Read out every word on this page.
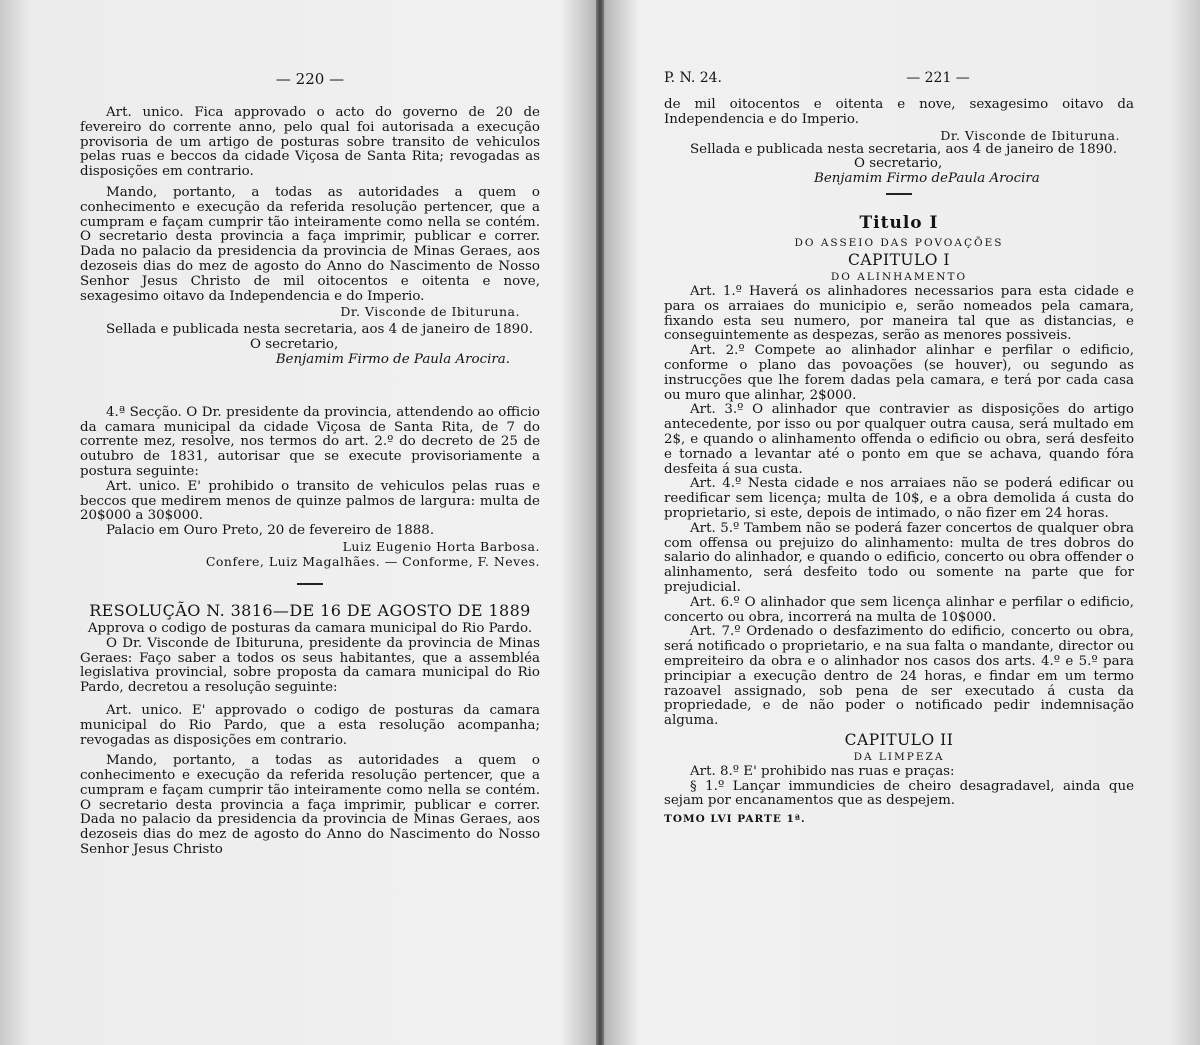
— 220 —

Art. unico. Fica approvado o acto do governo de 20 de fevereiro do corrente anno, pelo qual foi autorisada a execução provisoria de um artigo de posturas sobre transito de vehiculos pelas ruas e beccos da cidade Viçosa de Santa Rita; revogadas as disposições em contrario.

Mando, portanto, a todas as autoridades a quem o conhecimento e execução da referida resolução pertencer, que a cumpram e façam cumprir tão inteiramente como nella se contém. O secretario desta provincia a faça imprimir, publicar e correr. Dada no palacio da presidencia da provincia de Minas Geraes, aos dezoseis dias do mez de agosto do Anno do Nascimento de Nosso Senhor Jesus Christo de mil oitocentos e oitenta e nove, sexagesimo oitavo da Independencia e do Imperio.

Dr. Visconde de Ibituruna.

Sellada e publicada nesta secretaria, aos 4 de janeiro de 1890.

O secretario,

Benjamim Firmo de Paula Arocira.

4.ª Secção. O Dr. presidente da provincia, attendendo ao officio da camara municipal da cidade Viçosa de Santa Rita, de 7 do corrente mez, resolve, nos termos do art. 2.º do decreto de 25 de outubro de 1831, autorisar que se execute provisoriamente a postura seguinte:

Art. unico. E' prohibido o transito de vehiculos pelas ruas e beccos que medirem menos de quinze palmos de largura: multa de 20$000 a 30$000.

Palacio em Ouro Preto, 20 de fevereiro de 1888.

Luiz Eugenio Horta Barbosa.
Confere, Luiz Magalhães. — Conforme, F. Neves.
RESOLUÇÃO N. 3816—DE 16 DE AGOSTO DE 1889

Approva o codigo de posturas da camara municipal do Rio Pardo.

O Dr. Visconde de Ibituruna, presidente da provincia de Minas Geraes: Faço saber a todos os seus habitantes, que a assembléa legislativa provincial, sobre proposta da camara municipal do Rio Pardo, decretou a resolução seguinte:

Art. unico. E' approvado o codigo de posturas da camara municipal do Rio Pardo, que a esta resolução acompanha; revogadas as disposições em contrario.

Mando, portanto, a todas as autoridades a quem o conhecimento e execução da referida resolução pertencer, que a cumpram e façam cumprir tão inteiramente como nella se contém. O secretario desta provincia a faça imprimir, publicar e correr. Dada no palacio da presidencia da provincia de Minas Geraes, aos dezoseis dias do mez de agosto do Anno do Nascimento do Nosso Senhor Jesus Christo

P. N. 24.	— 221 —

de mil oitocentos e oitenta e nove, sexagesimo oitavo da Independencia e do Imperio.

Dr. Visconde de Ibituruna.

Sellada e publicada nesta secretaria, aos 4 de janeiro de 1890.

O secretario,

Benjamim Firmo dePaula Arocira

Titulo I
DO ASSEIO DAS POVOAÇÕES
CAPITULO I
DO ALINHAMENTO

Art. 1.º Haverá os alinhadores necessarios para esta cidade e para os arraiaes do municipio e, serão nomeados pela camara, fixando esta seu numero, por maneira tal que as distancias, e conseguintemente as despezas, serão as menores possiveis.

Art. 2.º Compete ao alinhador alinhar e perfilar o edificio, conforme o plano das povoações (se houver), ou segundo as instrucções que lhe forem dadas pela camara, e terá por cada casa ou muro que alinhar, 2$000.

Art. 3.º O alinhador que contravier as disposições do artigo antecedente, por isso ou por qualquer outra causa, será multado em 2$, e quando o alinhamento offenda o edificio ou obra, será desfeito e tornado a levantar até o ponto em que se achava, quando fóra desfeita á sua custa.

Art. 4.º Nesta cidade e nos arraiaes não se poderá edificar ou reedificar sem licença; multa de 10$, e a obra demolida á custa do proprietario, si este, depois de intimado, o não fizer em 24 horas.

Art. 5.º Tambem não se poderá fazer concertos de qualquer obra com offensa ou prejuizo do alinhamento: multa de tres dobros do salario do alinhador, e quando o edificio, concerto ou obra offender o alinhamento, será desfeito todo ou somente na parte que for prejudicial.

Art. 6.º O alinhador que sem licença alinhar e perfilar o edificio, concerto ou obra, incorrerá na multa de 10$000.

Art. 7.º Ordenado o desfazimento do edificio, concerto ou obra, será notificado o proprietario, e na sua falta o mandante, director ou empreiteiro da obra e o alinhador nos casos dos arts. 4.º e 5.º para principiar a execução dentro de 24 horas, e findar em um termo razoavel assignado, sob pena de ser executado á custa da propriedade, e de não poder o notificado pedir indemnisação alguma.

CAPITULO II
DA LIMPEZA

Art. 8.º E' prohibido nas ruas e praças:

§ 1.º Lançar immundicies de cheiro desagradavel, ainda que sejam por encanamentos que as despejem.

TOMO LVI PARTE 1ª.
